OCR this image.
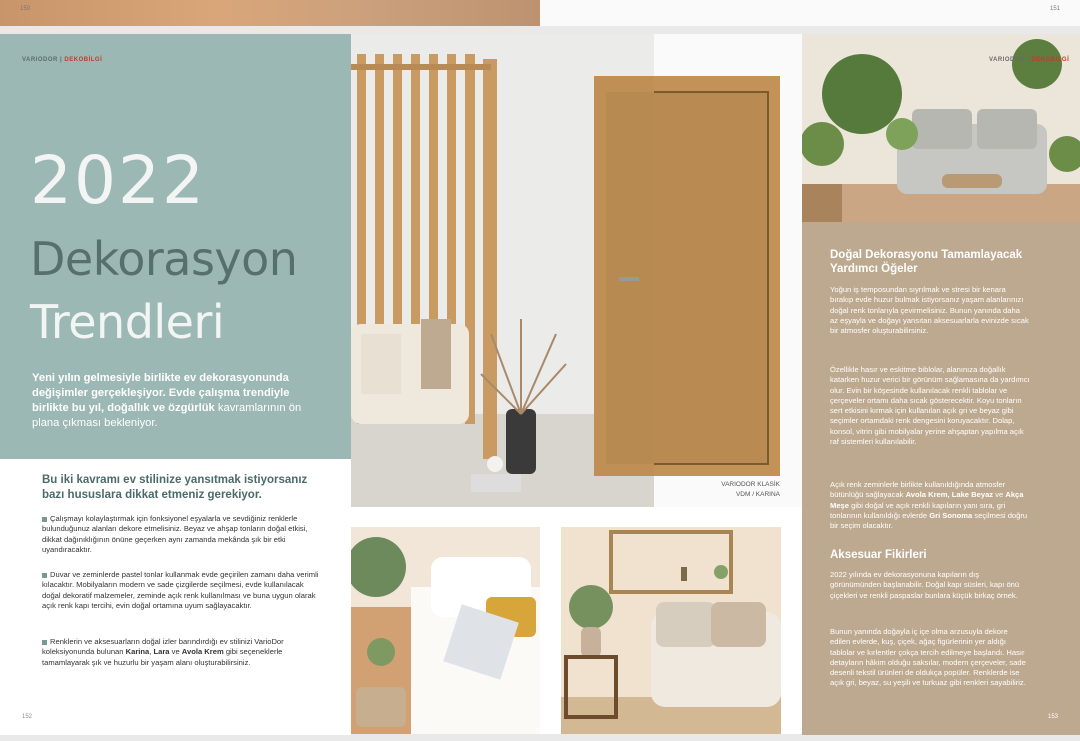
150	151
VARIODOR | DEKOBİLGİ
2022
Dekorasyon
Trendleri
Yeni yılın gelmesiyle birlikte ev dekorasyonunda değişimler gerçekleşiyor. Evde çalışma trendiyle birlikte bu yıl, doğallık ve özgürlük kavramlarının ön plana çıkması bekleniyor.
Bu iki kavramı ev stilinize yansıtmak istiyorsanız bazı hususlara dikkat etmeniz gerekiyor.
Çalışmayı kolaylaştırmak için fonksiyonel eşyalarla ve sevdiğiniz renklerle bulunduğunuz alanları dekore etmelisiniz. Beyaz ve ahşap tonların doğal etkisi, dikkat dağınıklığının önüne geçerken aynı zamanda mekânda şık bir etki uyandıracaktır.
Duvar ve zeminlerde pastel tonlar kullanmak evde geçirilen zamanı daha verimli kılacaktır. Mobilyaların modern ve sade çizgilerde seçilmesi, evde kullanılacak doğal dekoratif malzemeler, zeminde açık renk kullanılması ve buna uygun olarak açık renk kapı tercihi, evin doğal ortamına uyum sağlayacaktır.
Renklerin ve aksesuarların doğal izler barındırdığı ev stilinizi VarioDor koleksiyonunda bulunan Karina, Lara ve Avola Krem gibi seçeneklerle tamamlayarak şık ve huzurlu bir yaşam alanı oluşturabilirsiniz.
152
VARIODOR KLASİK
VDM / KARINA
VARIODOR | DEKOBİLGİ
Doğal Dekorasyonu Tamamlayacak Yardımcı Öğeler
Yoğun iş temposundan sıyrılmak ve stresi bir kenara bırakıp evde huzur bulmak istiyorsanız yaşam alanlarınızı doğal renk tonlarıyla çevirmelisiniz. Bunun yanında daha az eşyayla ve doğayı yansıtan aksesuarlarla evinizde sıcak bir atmosfer oluşturabilirsiniz.
Özellikle hasır ve eskitme biblolar, alanınıza doğallık katarken huzur verici bir görünüm sağlamasına da yardımcı olur. Evin bir köşesinde kullanılacak renkli tablolar ve çerçeveler ortamı daha sıcak gösterecektir. Koyu tonların sert etkisini kırmak için kullanılan açık gri ve beyaz gibi seçimler ortamdaki renk dengesini koruyacaktır. Dolap, konsol, vitrin gibi mobilyalar yerine ahşaptan yapılma açık raf sistemleri kullanılabilir.
Açık renk zeminlerle birlikte kullanıldığında atmosfer bütünlüğü sağlayacak Avola Krem, Lake Beyaz ve Akça Meşe gibi doğal ve açık renkli kapıların yanı sıra, gri tonlarının kullanıldığı evlerde Gri Sonoma seçilmesi doğru bir seçim olacaktır.
Aksesuar Fikirleri
2022 yılında ev dekorasyonuna kapıların dış görünümünden başlanabilir. Doğal kapı süsleri, kapı önü çiçekleri ve renkli paspaslar bunlara küçük birkaç örnek.
Bunun yanında doğayla iç içe olma arzusuyla dekore edilen evlerde, kuş, çiçek, ağaç figürlerinin yer aldığı tablolar ve kırlentler çokça tercih edilmeye başlandı. Hasır detayların hâkim olduğu saksılar, modern çerçeveler, sade desenli tekstil ürünleri de oldukça popüler. Renklerde ise açık gri, beyaz, su yeşili ve turkuaz gibi renkleri sayabiliriz.
153
